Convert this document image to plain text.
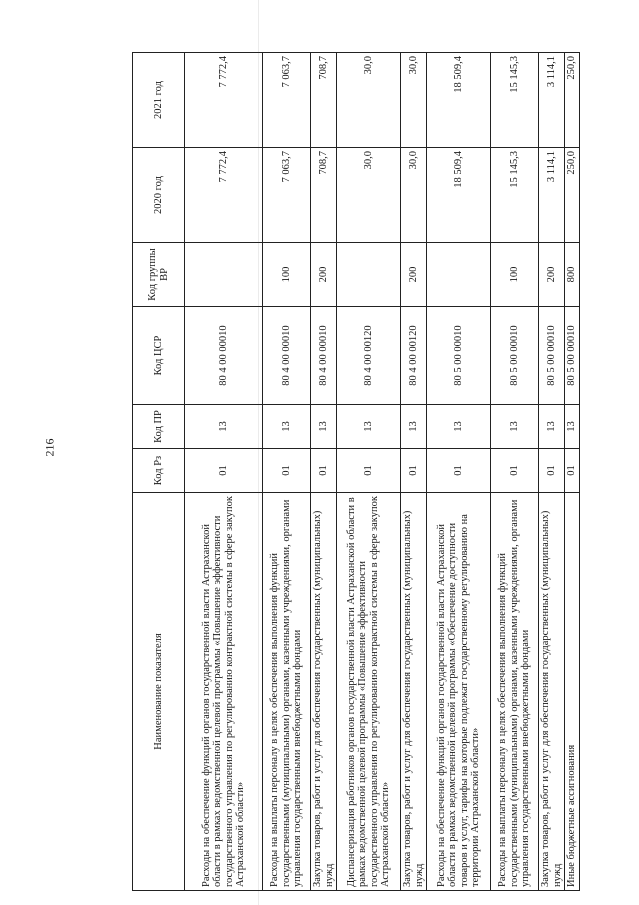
216
Наименование показателя	Код Рз	Код ПР	Код ЦСР	Код группы ВР	2020 год	2021 год
Расходы на обеспечение функций органов государственной власти Астраханской области в рамках ведомственной целевой программы «Повышение эффективности государственного управления по регулированию контрактной системы в сфере закупок Астраханской области»	01	13	80 4 00 00010		7 772,4	7 772,4
Расходы на выплаты персоналу в целях обеспечения выполнения функций государственными (муниципальными) органами, казенными учреждениями, органами управления государственными внебюджетными фондами	01	13	80 4 00 00010	100	7 063,7	7 063,7
Закупка товаров, работ и услуг для обеспечения государственных (муниципальных) нужд	01	13	80 4 00 00010	200	708,7	708,7
Диспансеризация работников органов государственной власти Астраханской области в рамках ведомственной целевой программы «Повышение эффективности государственного управления по регулированию контрактной системы в сфере закупок Астраханской области»	01	13	80 4 00 00120		30,0	30,0
Закупка товаров, работ и услуг для обеспечения государственных (муниципальных) нужд	01	13	80 4 00 00120	200	30,0	30,0
Расходы на обеспечение функций органов государственной власти Астраханской области в рамках ведомственной целевой программы «Обеспечение доступности товаров и услуг, тарифы на которые подлежат государственному регулированию на территории Астраханской области»	01	13	80 5 00 00010		18 509,4	18 509,4
Расходы на выплаты персоналу в целях обеспечения выполнения функций государственными (муниципальными) органами, казенными учреждениями, органами управления государственными внебюджетными фондами	01	13	80 5 00 00010	100	15 145,3	15 145,3
Закупка товаров, работ и услуг для обеспечения государственных (муниципальных) нужд	01	13	80 5 00 00010	200	3 114,1	3 114,1
Иные бюджетные ассигнования	01	13	80 5 00 00010	800	250,0	250,0
